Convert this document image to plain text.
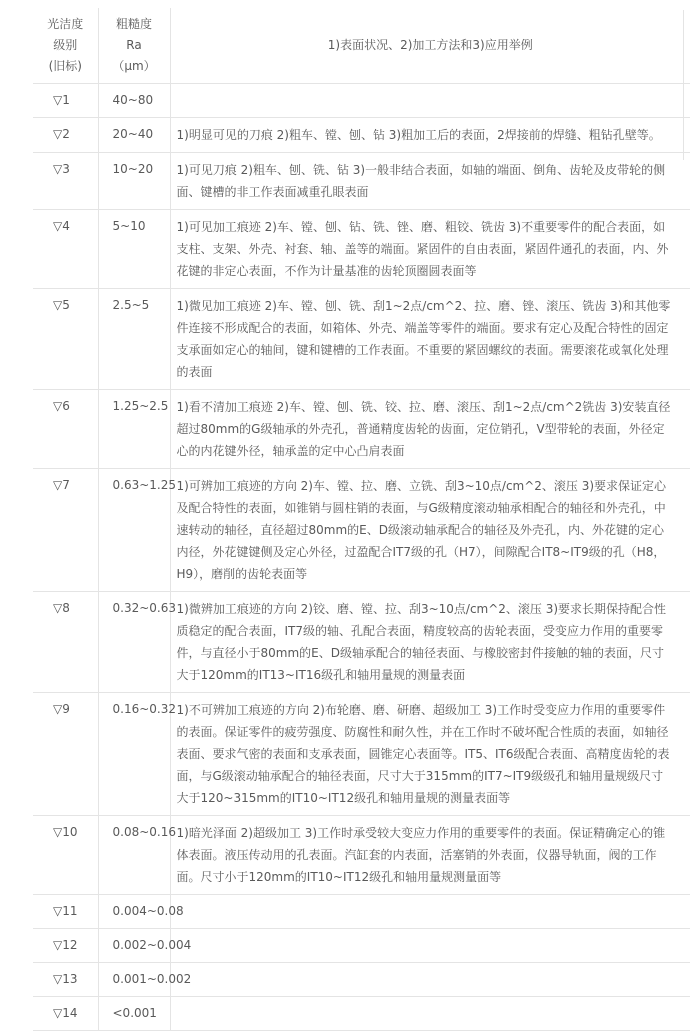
光洁度
级别
(旧标)

粗糙度
Ra
（μm）
	1)表面状况、2)加工方法和3)应用举例
▽1	40~80	
▽2	20~40	1)明显可见的刀痕 2)粗车、镗、刨、钻 3)粗加工后的表面，2焊接前的焊缝、粗钻孔壁等。
▽3	10~20	1)可见刀痕 2)粗车、刨、铣、钻 3)一般非结合表面，如轴的端面、倒角、齿轮及皮带轮的侧面、键槽的非工作表面减重孔眼表面
▽4	5~10	1)可见加工痕迹 2)车、镗、刨、钻、铣、锉、磨、粗铰、铣齿 3)不重要零件的配合表面，如支柱、支架、外壳、衬套、轴、盖等的端面。紧固件的自由表面，紧固件通孔的表面，内、外花键的非定心表面，不作为计量基准的齿轮顶圈圆表面等
▽5	2.5~5	1)微见加工痕迹 2)车、镗、刨、铣、刮1~2点/cm^2、拉、磨、锉、滚压、铣齿 3)和其他零件连接不形成配合的表面，如箱体、外壳、端盖等零件的端面。要求有定心及配合特性的固定支承面如定心的轴间，键和键槽的工作表面。不重要的紧固螺纹的表面。需要滚花或氧化处理的表面
▽6	1.25~2.5	1)看不清加工痕迹 2)车、镗、刨、铣、铰、拉、磨、滚压、刮1~2点/cm^2铣齿 3)安装直径超过80mm的G级轴承的外壳孔，普通精度齿轮的齿面，定位销孔，V型带轮的表面，外径定心的内花键外径，轴承盖的定中心凸肩表面
▽7	0.63~1.25	1)可辨加工痕迹的方向 2)车、镗、拉、磨、立铣、刮3~10点/cm^2、滚压 3)要求保证定心及配合特性的表面，如锥销与圆柱销的表面，与G级精度滚动轴承相配合的轴径和外壳孔，中速转动的轴径，直径超过80mm的E、D级滚动轴承配合的轴径及外壳孔，内、外花键的定心内径，外花键键侧及定心外径，过盈配合IT7级的孔（H7），间隙配合IT8~IT9级的孔（H8，H9），磨削的齿轮表面等
▽8	0.32~0.63	1)微辨加工痕迹的方向 2)铰、磨、镗、拉、刮3~10点/cm^2、滚压 3)要求长期保持配合性质稳定的配合表面，IT7级的轴、孔配合表面，精度较高的齿轮表面，受变应力作用的重要零件，与直径小于80mm的E、D级轴承配合的轴径表面、与橡胶密封件接触的轴的表面，尺寸大于120mm的IT13~IT16级孔和轴用量规的测量表面
▽9	0.16~0.32	1)不可辨加工痕迹的方向 2)布轮磨、磨、研磨、超级加工 3)工作时受变应力作用的重要零件的表面。保证零件的疲劳强度、防腐性和耐久性，并在工作时不破坏配合性质的表面，如轴径表面、要求气密的表面和支承表面，圆锥定心表面等。IT5、IT6级配合表面、高精度齿轮的表面，与G级滚动轴承配合的轴径表面，尺寸大于315mm的IT7~IT9级级孔和轴用量规级尺寸大于120~315mm的IT10~IT12级孔和轴用量规的测量表面等
▽10	0.08~0.16	1)暗光泽面 2)超级加工 3)工作时承受较大变应力作用的重要零件的表面。保证精确定心的锥体表面。液压传动用的孔表面。汽缸套的内表面，活塞销的外表面，仪器导轨面，阀的工作面。尺寸小于120mm的IT10~IT12级孔和轴用量规测量面等
▽11	0.004~0.08	
▽12	0.002~0.004	
▽13	0.001~0.002	
▽14	<0.001	
